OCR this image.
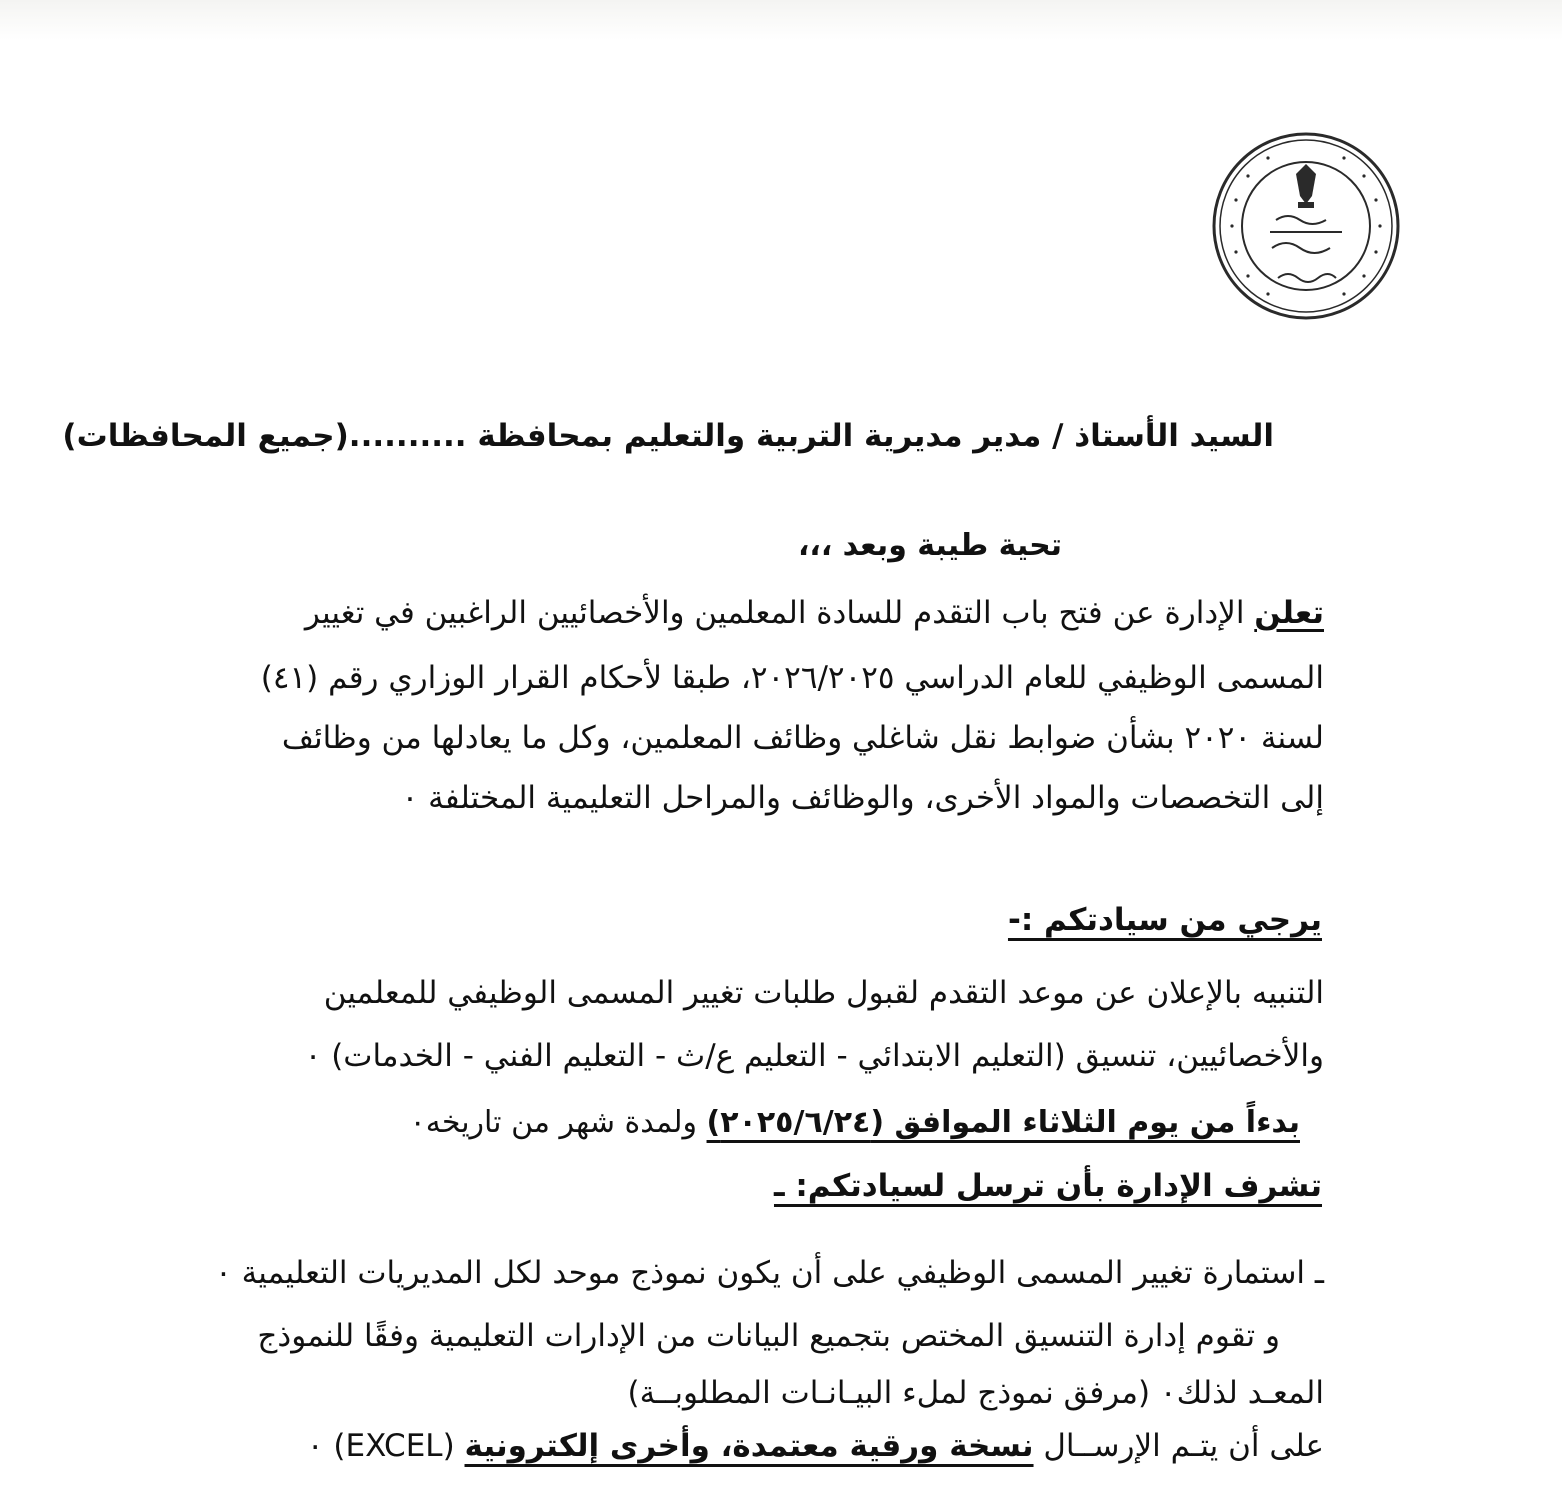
السيد الأستاذ / مدير مديرية التربية والتعليم بمحافظة ..........(جميع المحافظات)
تحية طيبة وبعد ،،،
تعلن الإدارة عن فتح باب التقدم للسادة المعلمين والأخصائيين الراغبين في تغيير
المسمى الوظيفي للعام الدراسي ٢٠٢٦/٢٠٢٥، طبقا لأحكام القرار الوزاري رقم (٤١)
لسنة ٢٠٢٠ بشأن ضوابط نقل شاغلي وظائف المعلمين، وكل ما يعادلها من وظائف
إلى التخصصات والمواد الأخرى، والوظائف والمراحل التعليمية المختلفة ٠
يرجي من سيادتكم :-
التنبيه بالإعلان عن موعد التقدم لقبول طلبات تغيير المسمى الوظيفي للمعلمين
والأخصائيين، تنسيق (التعليم الابتدائي - التعليم ع/ث - التعليم الفني - الخدمات) ٠
بدءاً من يوم الثلاثاء الموافق (٢٠٢٥/٦/٢٤) ولمدة شهر من تاريخه٠
تشرف الإدارة بأن ترسل لسيادتكم: ـ
ـ استمارة تغيير المسمى الوظيفي على أن يكون نموذج موحد لكل المديريات التعليمية ٠
و تقوم إدارة التنسيق المختص بتجميع البيانات من الإدارات التعليمية وفقًا للنموذج
المعـد لذلك٠ (مرفق نموذج لملء البيـانـات المطلوبــة)
على أن يتـم الإرســال نسخة ورقية معتمدة، وأخرى إلكترونية (EXCEL) ٠
